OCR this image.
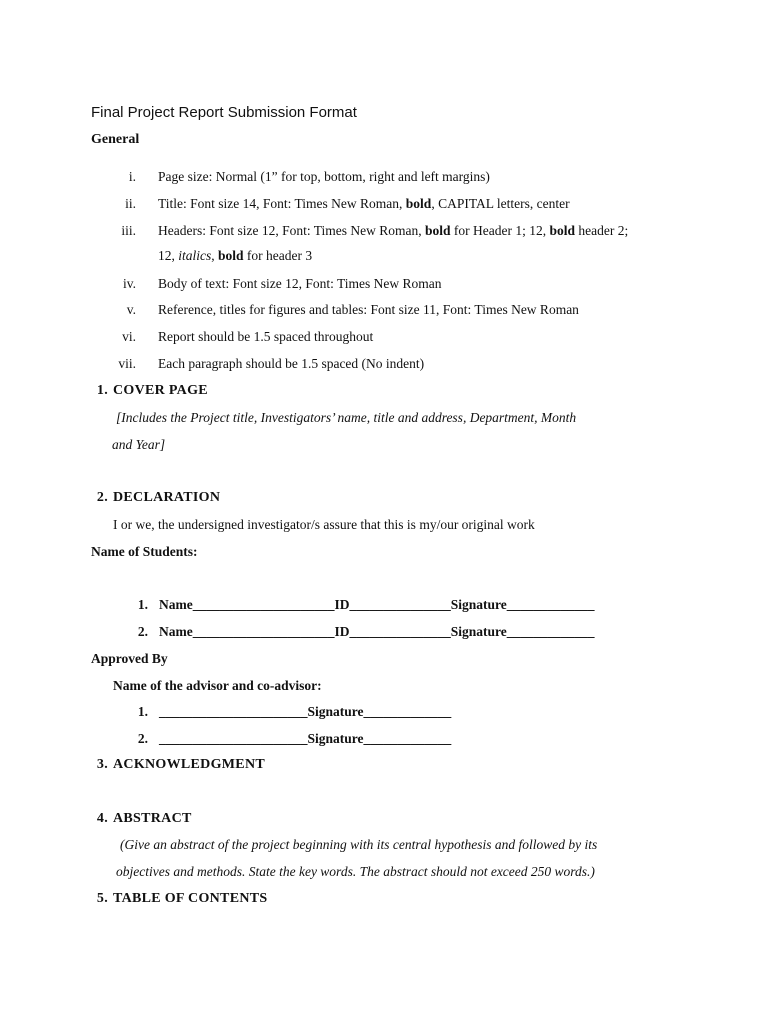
Final Project Report Submission Format
General
i. Page size: Normal (1” for top, bottom, right and left margins)
ii. Title: Font size 14, Font: Times New Roman, bold, CAPITAL letters, center
iii. Headers: Font size 12, Font: Times New Roman, bold for Header 1; 12, bold header 2;
12, italics, bold for header 3
iv. Body of text: Font size 12, Font: Times New Roman
v. Reference, titles for figures and tables: Font size 11, Font: Times New Roman
vi. Report should be 1.5 spaced throughout
vii. Each paragraph should be 1.5 spaced (No indent)
1. COVER PAGE
[Includes the Project title, Investigators’ name, title and address, Department, Month
and Year]
2. DECLARATION
I or we, the undersigned investigator/s assure that this is my/our original work
Name of Students:
1. Name_____________________ID_______________Signature_____________
2. Name_____________________ID_______________Signature_____________
Approved By
Name of the advisor and co-advisor:
1. ______________________Signature_____________
2. ______________________Signature_____________
3. ACKNOWLEDGMENT
4. ABSTRACT
(Give an abstract of the project beginning with its central hypothesis and followed by its
objectives and methods. State the key words. The abstract should not exceed 250 words.)
5. TABLE OF CONTENTS
